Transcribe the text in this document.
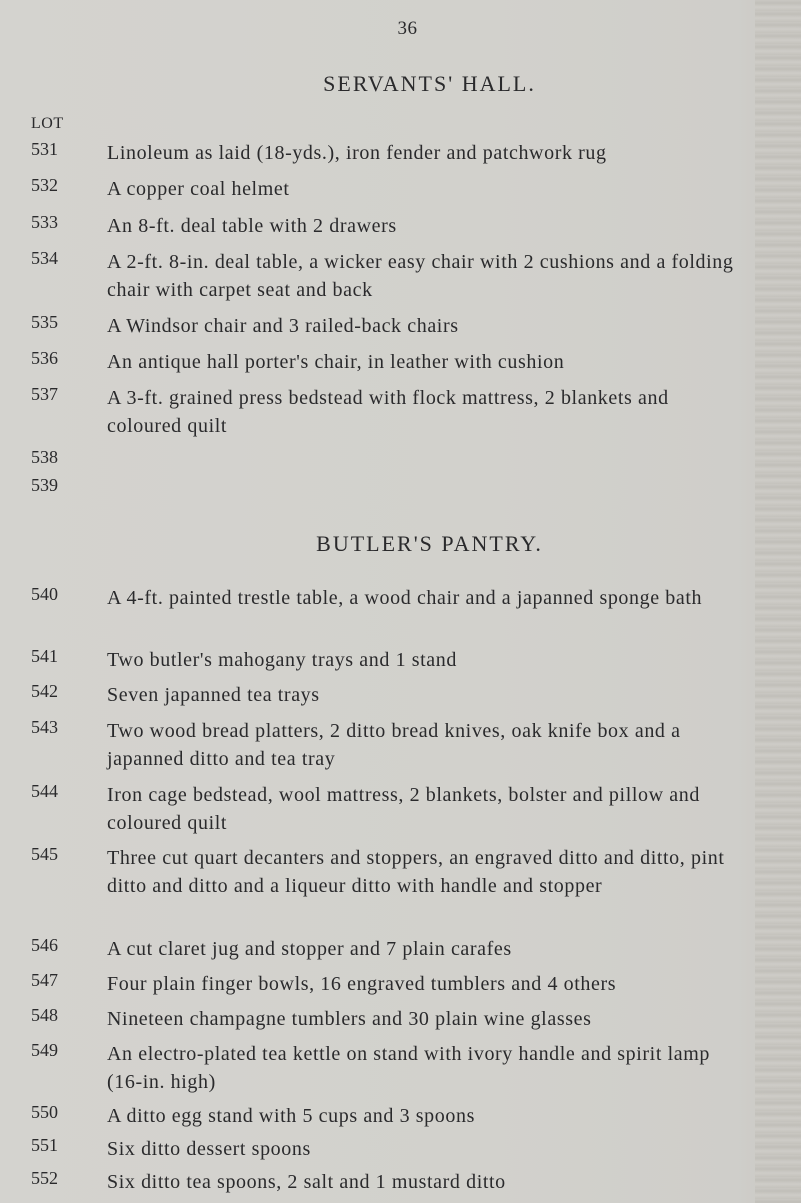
36
SERVANTS' HALL.
LOT
531 Linoleum as laid (18-yds.), iron fender and patchwork rug
532 A copper coal helmet
533 An 8-ft. deal table with 2 drawers
534 A 2-ft. 8-in. deal table, a wicker easy chair with 2 cushions and a folding chair with carpet seat and back
535 A Windsor chair and 3 railed-back chairs
536 An antique hall porter's chair, in leather with cushion
537 A 3-ft. grained press bedstead with flock mattress, 2 blankets and coloured quilt
538
539
BUTLER'S PANTRY.
540 A 4-ft. painted trestle table, a wood chair and a japanned sponge bath
541 Two butler's mahogany trays and 1 stand
542 Seven japanned tea trays
543 Two wood bread platters, 2 ditto bread knives, oak knife box and a japanned ditto and tea tray
544 Iron cage bedstead, wool mattress, 2 blankets, bolster and pillow and coloured quilt
545 Three cut quart decanters and stoppers, an engraved ditto and ditto, pint ditto and ditto and a liqueur ditto with handle and stopper
546 A cut claret jug and stopper and 7 plain carafes
547 Four plain finger bowls, 16 engraved tumblers and 4 others
548 Nineteen champagne tumblers and 30 plain wine glasses
549 An electro-plated tea kettle on stand with ivory handle and spirit lamp (16-in. high)
550 A ditto egg stand with 5 cups and 3 spoons
551 Six ditto dessert spoons
552 Six ditto tea spoons, 2 salt and 1 mustard ditto
